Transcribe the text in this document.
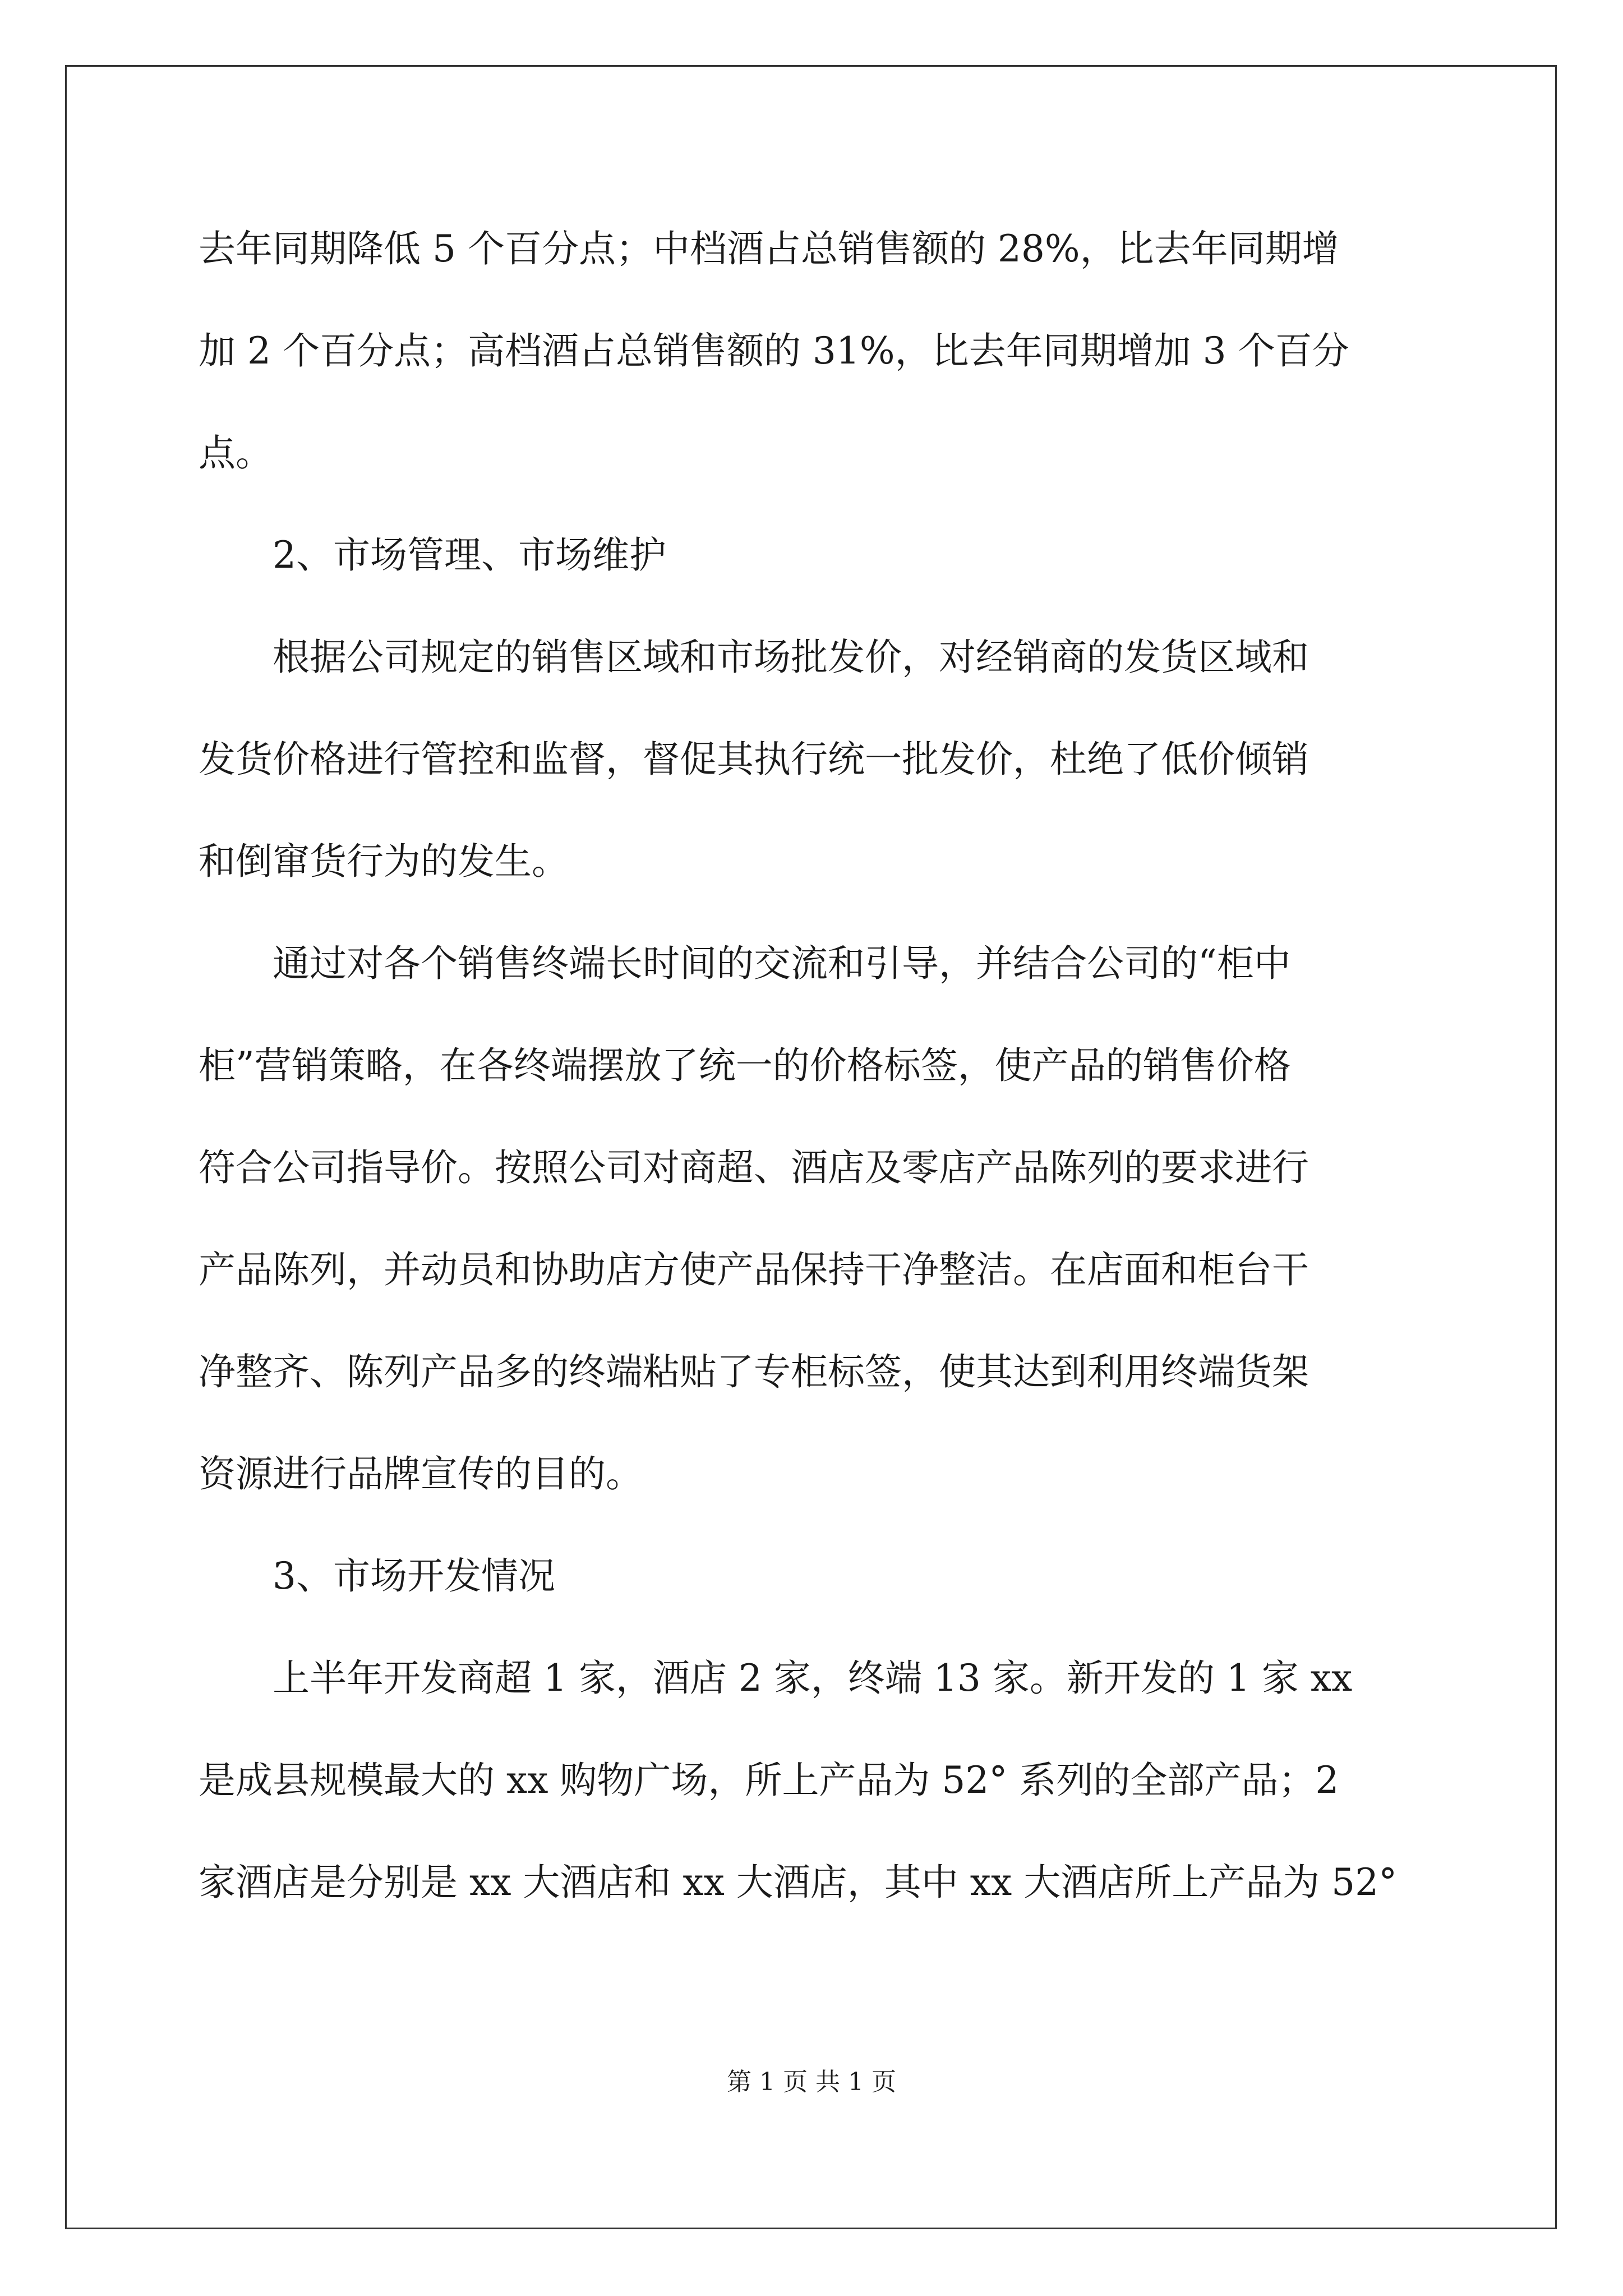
去年同期降低 5 个百分点；中档酒占总销售额的 28%，比去年同期增
加 2 个百分点；高档酒占总销售额的 31%，比去年同期增加 3 个百分
点。
2、市场管理、市场维护
根据公司规定的销售区域和市场批发价，对经销商的发货区域和
发货价格进行管控和监督，督促其执行统一批发价，杜绝了低价倾销
和倒窜货行为的发生。
通过对各个销售终端长时间的交流和引导，并结合公司的“柜中
柜”营销策略，在各终端摆放了统一的价格标签，使产品的销售价格
符合公司指导价。按照公司对商超、酒店及零店产品陈列的要求进行
产品陈列，并动员和协助店方使产品保持干净整洁。在店面和柜台干
净整齐、陈列产品多的终端粘贴了专柜标签，使其达到利用终端货架
资源进行品牌宣传的目的。
3、市场开发情况
上半年开发商超 1 家，酒店 2 家，终端 13 家。新开发的 1 家 xx
是成县规模最大的 xx 购物广场，所上产品为 52° 系列的全部产品；2
家酒店是分别是 xx 大酒店和 xx 大酒店，其中 xx 大酒店所上产品为 52°
第 1 页 共 1 页
